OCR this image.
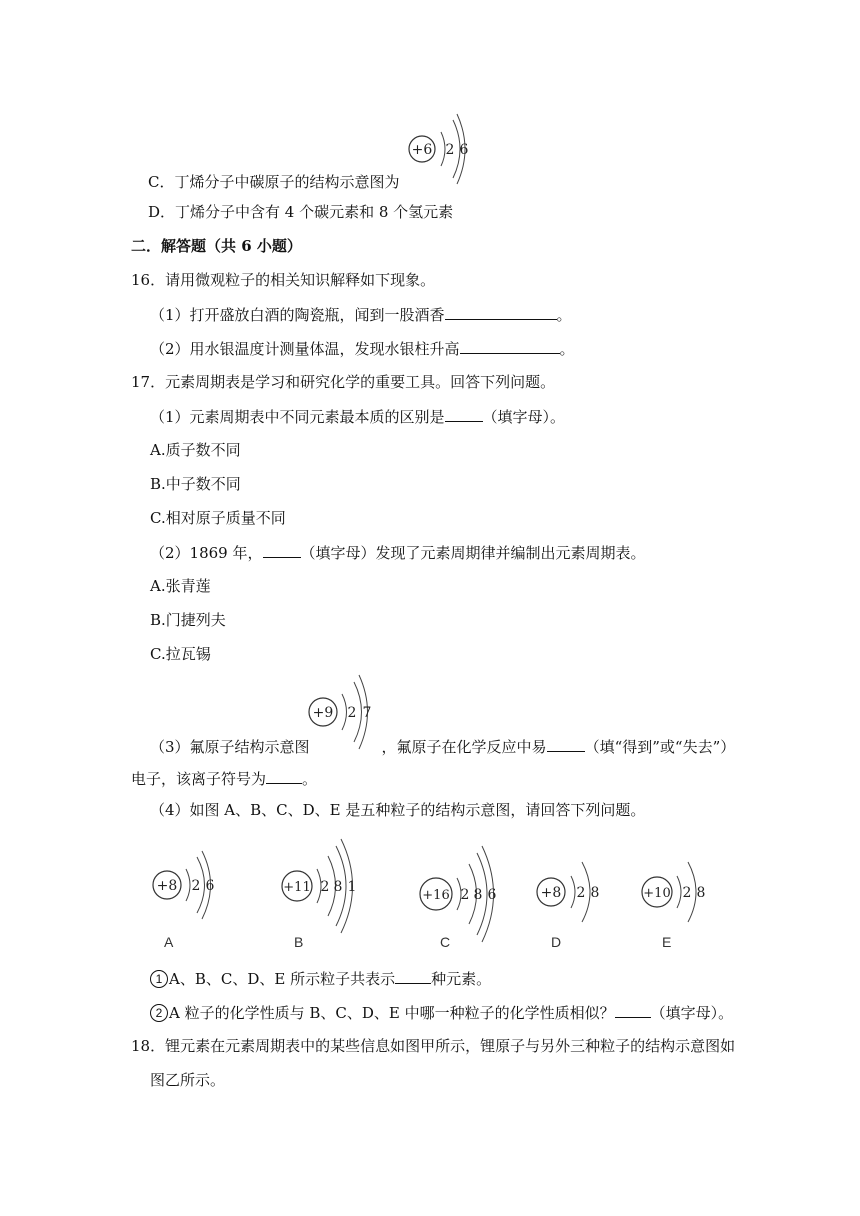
+6 2 6
C．丁烯分子中碳原子的结构示意图为
D．丁烯分子中含有 4 个碳元素和 8 个氢元素
二．解答题（共 6 小题）
16．请用微观粒子的相关知识解释如下现象。
（1）打开盛放白酒的陶瓷瓶，闻到一股酒香	。
（2）用水银温度计测量体温，发现水银柱升高	。
17．元素周期表是学习和研究化学的重要工具。回答下列问题。
（1）元素周期表中不同元素最本质的区别是	（填字母）。
A.质子数不同
B.中子数不同
C.相对原子质量不同
（2）1869 年，	（填字母）发现了元素周期律并编制出元素周期表。
A.张青莲
B.门捷列夫
C.拉瓦锡
+9 2 7
（3）氟原子结构示意图	，氟原子在化学反应中易	（填“得到”或“失去”）
电子，该离子符号为 。
（4）如图 A、B、C、D、E 是五种粒子的结构示意图，请回答下列问题。
+8 2 6
A
+11 2 8 1
B
+16 2 8 6
C
+8 2 8
D
+10 2 8
E
1 A、B、C、D、E 所示粒子共表示 种元素。
2 A 粒子的化学性质与 B、C、D、E 中哪一种粒子的化学性质相似？ （填字母）。
18．锂元素在元素周期表中的某些信息如图甲所示，锂原子与另外三种粒子的结构示意图如
图乙所示。
